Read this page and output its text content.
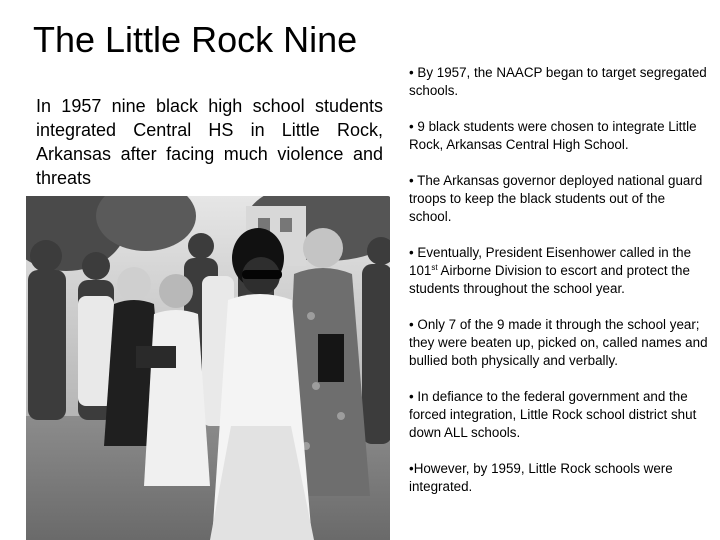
The Little Rock Nine
In 1957 nine black high school students integrated Central HS in Little Rock, Arkansas after facing much violence and threats
• By 1957, the NAACP began to target segregated schools.
• 9 black students were chosen to integrate Little Rock, Arkansas Central High School.
• The Arkansas governor deployed national guard troops to keep the black students out of the school.
• Eventually, President Eisenhower called in the 101st Airborne Division to escort and protect the students throughout the school year.
• Only 7 of the 9 made it through the school year; they were beaten up, picked on, called names and bullied both physically and verbally.
• In defiance to the federal government and the forced integration, Little Rock school district shut down ALL schools.
•However, by 1959, Little Rock schools were integrated.
